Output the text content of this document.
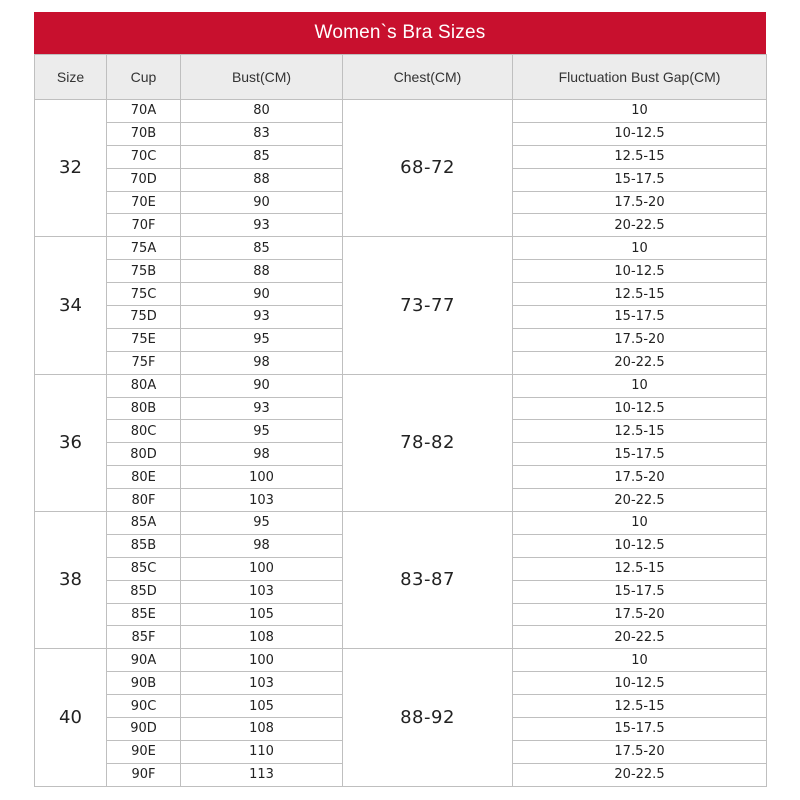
Women`s Bra Sizes
Size	Cup	Bust(CM)	Chest(CM)	Fluctuation Bust Gap(CM)
32	70A	80	68-72	10
	70B	83		10-12.5
	70C	85		12.5-15
	70D	88		15-17.5
	70E	90		17.5-20
	70F	93		20-22.5
34	75A	85	73-77	10
	75B	88		10-12.5
	75C	90		12.5-15
	75D	93		15-17.5
	75E	95		17.5-20
	75F	98		20-22.5
36	80A	90	78-82	10
	80B	93		10-12.5
	80C	95		12.5-15
	80D	98		15-17.5
	80E	100		17.5-20
	80F	103		20-22.5
38	85A	95	83-87	10
	85B	98		10-12.5
	85C	100		12.5-15
	85D	103		15-17.5
	85E	105		17.5-20
	85F	108		20-22.5
40	90A	100	88-92	10
	90B	103		10-12.5
	90C	105		12.5-15
	90D	108		15-17.5
	90E	110		17.5-20
	90F	113		20-22.5
